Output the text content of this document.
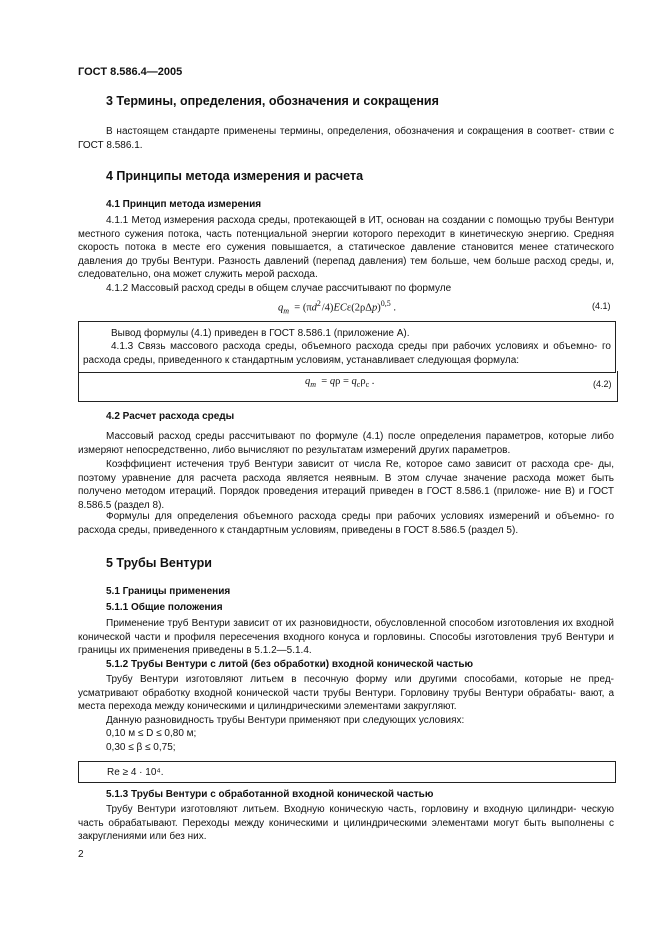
ГОСТ 8.586.4—2005
3 Термины, определения, обозначения и сокращения
В настоящем стандарте применены термины, определения, обозначения и сокращения в соответ- ствии с ГОСТ 8.586.1.
4 Принципы метода измерения и расчета
4.1 Принцип метода измерения
4.1.1 Метод измерения расхода среды, протекающей в ИТ, основан на создании с помощью трубы Вентури местного сужения потока, часть потенциальной энергии которого переходит в кинетическую энергию. Средняя скорость потока в месте его сужения повышается, а статическое давление становится менее статического давления до трубы Вентури. Разность давлений (перепад давления) тем больше, чем больше расход среды, и, следовательно, она может служить мерой расхода.
4.1.2 Массовый расход среды в общем случае рассчитывают по формуле
$q_m = (\pi d^2$ $/4)EC\varepsilon(2\rho\Delta p)^{0,5}$ .	(4.1)
Вывод формулы (4.1) приведен в ГОСТ 8.586.1 (приложение А).
4.1.3 Связь массового расхода среды, объемного расхода среды при рабочих условиях и объемно- го расхода среды, приведенного к стандартным условиям, устанавливает следующая формула:
$q_m = q\rho = q_c\rho_c$ .	(4.2)
4.2 Расчет расхода среды
Массовый расход среды рассчитывают по формуле (4.1) после определения параметров, которые либо измеряют непосредственно, либо вычисляют по результатам измерений других параметров.
Коэффициент истечения труб Вентури зависит от числа Re, которое само зависит от расхода сре- ды, поэтому уравнение для расчета расхода является неявным. В этом случае значение расхода может быть получено методом итераций. Порядок проведения итераций приведен в ГОСТ 8.586.1 (приложе- ние В) и ГОСТ 8.586.5 (раздел 8).
Формулы для определения объемного расхода среды при рабочих условиях измерений и объемно- го расхода среды, приведенного к стандартным условиям, приведены в ГОСТ 8.586.5 (раздел 5).
5 Трубы Вентури
5.1 Границы применения
5.1.1 Общие положения
Применение труб Вентури зависит от их разновидности, обусловленной способом изготовления их входной конической части и профиля пересечения входного конуса и горловины. Способы изготовления труб Вентури и границы их применения приведены в 5.1.2—5.1.4.
5.1.2 Трубы Вентури с литой (без обработки) входной конической частью
Трубу Вентури изготовляют литьем в песочную форму или другими способами, которые не пред- усматривают обработку входной конической части трубы Вентури. Горловину трубы Вентури обрабаты- вают, а места перехода между коническими и цилиндрическими элементами закругляют.
Данную разновидность трубы Вентури применяют при следующих условиях:
0,10 м ≤ D ≤ 0,80 м;
0,30 ≤ β ≤ 0,75;
Re ≥ 4 · 10⁴.
5.1.3 Трубы Вентури с обработанной входной конической частью
Трубу Вентури изготовляют литьем. Входную коническую часть, горловину и входную цилиндри- ческую часть обрабатывают. Переходы между коническими и цилиндрическими элементами могут быть выполнены с закруглениями или без них.
2
